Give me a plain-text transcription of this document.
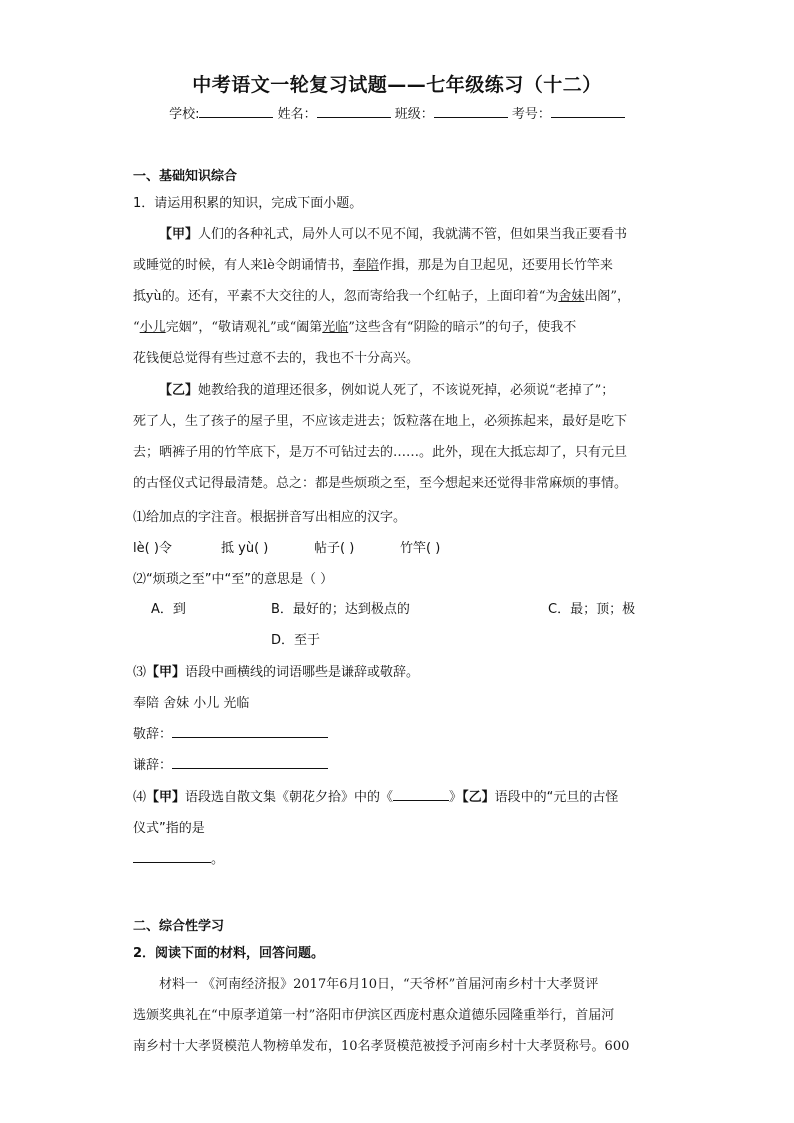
中考语文一轮复习试题——七年级练习（十二）
学校:	姓名：	班级：	考号：
一、基础知识综合
1．请运用积累的知识，完成下面小题。
【甲】人们的各种礼式，局外人可以不见不闻，我就满不管，但如果当我正要看书
或睡觉的时候，有人来lè令朗诵情书，奉陪作揖，那是为自卫起见，还要用长竹竿来
抵yù的。还有，平素不大交往的人，忽而寄给我一个红帖子，上面印着“为舍妹出阁”，
“小儿完姻”，“敬请观礼”或“阖第光临”这些含有“阴险的暗示”的句子，使我不
花钱便总觉得有些过意不去的，我也不十分高兴。
【乙】她教给我的道理还很多，例如说人死了，不该说死掉，必须说“老掉了”；
死了人，生了孩子的屋子里，不应该走进去；饭粒落在地上，必须拣起来，最好是吃下
去；晒裤子用的竹竿底下，是万不可钻过去的……。此外，现在大抵忘却了，只有元旦
的古怪仪式记得最清楚。总之：都是些烦琐之至，至今想起来还觉得非常麻烦的事情。
⑴给加点的字注音。根据拼音写出相应的汉字。
lè( )令	抵 yù( )	帖子( )	竹竿( )
⑵“烦琐之至”中“至”的意思是（ ）
A．到	B．最好的；达到极点的	C．最；顶；极
D．至于
⑶【甲】语段中画横线的词语哪些是谦辞或敬辞。
奉陪 舍妹 小儿 光临
敬辞：
谦辞：
⑷【甲】语段选自散文集《朝花夕拾》中的《	》【乙】语段中的“元旦的古怪
仪式”指的是
。
二、综合性学习
2．阅读下面的材料，回答问题。
材料一 《河南经济报》2017年6月10日，“天爷杯”首届河南乡村十大孝贤评
选颁奖典礼在“中原孝道第一村”洛阳市伊滨区西庞村惠众道德乐园隆重举行，首届河
南乡村十大孝贤模范人物榜单发布，10名孝贤模范被授予河南乡村十大孝贤称号。600
